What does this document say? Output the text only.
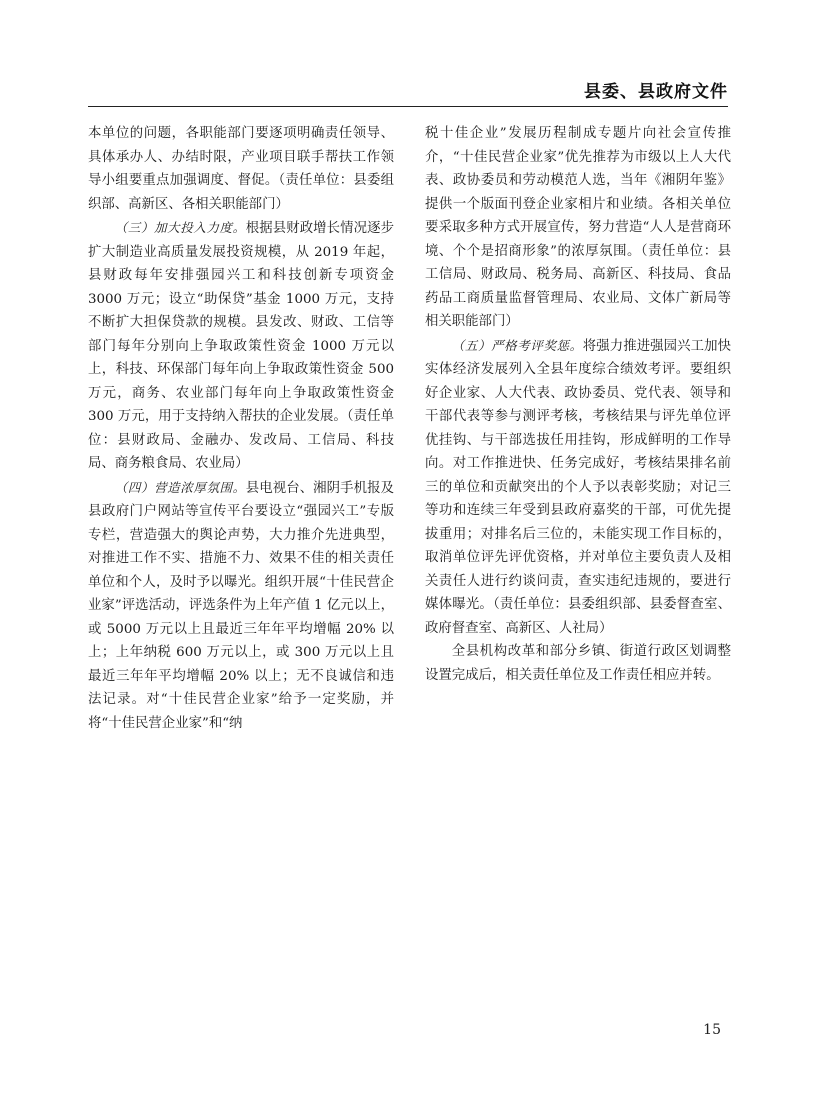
县委、县政府文件

本单位的问题，各职能部门要逐项明确责任领导、具体承办人、办结时限，产业项目联手帮扶工作领导小组要重点加强调度、督促。（责任单位：县委组织部、高新区、各相关职能部门）

（三）加大投入力度。根据县财政增长情况逐步扩大制造业高质量发展投资规模，从 2019 年起，县财政每年安排强园兴工和科技创新专项资金 3000 万元；设立“助保贷”基金 1000 万元，支持不断扩大担保贷款的规模。县发改、财政、工信等部门每年分别向上争取政策性资金 1000 万元以上，科技、环保部门每年向上争取政策性资金 500 万元，商务、农业部门每年向上争取政策性资金 300 万元，用于支持纳入帮扶的企业发展。（责任单位：县财政局、金融办、发改局、工信局、科技局、商务粮食局、农业局）

（四）营造浓厚氛围。县电视台、湘阴手机报及县政府门户网站等宣传平台要设立“强园兴工”专版专栏，营造强大的舆论声势，大力推介先进典型，对推进工作不实、措施不力、效果不佳的相关责任单位和个人，及时予以曝光。组织开展“十佳民营企业家”评选活动，评选条件为上年产值 1 亿元以上，或 5000 万元以上且最近三年年平均增幅 20% 以上；上年纳税 600 万元以上，或 300 万元以上且最近三年年平均增幅 20% 以上；无不良诚信和违法记录。对“十佳民营企业家”给予一定奖励，并将“十佳民营企业家”和“纳

税十佳企业”发展历程制成专题片向社会宣传推介，“十佳民营企业家”优先推荐为市级以上人大代表、政协委员和劳动模范人选，当年《湘阴年鉴》提供一个版面刊登企业家相片和业绩。各相关单位要采取多种方式开展宣传，努力营造“人人是营商环境、个个是招商形象”的浓厚氛围。（责任单位：县工信局、财政局、税务局、高新区、科技局、食品药品工商质量监督管理局、农业局、文体广新局等相关职能部门）

（五）严格考评奖惩。将强力推进强园兴工加快实体经济发展列入全县年度综合绩效考评。要组织好企业家、人大代表、政协委员、党代表、领导和干部代表等参与测评考核，考核结果与评先单位评优挂钩、与干部选拔任用挂钩，形成鲜明的工作导向。对工作推进快、任务完成好，考核结果排名前三的单位和贡献突出的个人予以表彰奖励；对记三等功和连续三年受到县政府嘉奖的干部，可优先提拔重用；对排名后三位的，未能实现工作目标的，取消单位评先评优资格，并对单位主要负责人及相关责任人进行约谈问责，查实违纪违规的，要进行媒体曝光。（责任单位：县委组织部、县委督查室、政府督查室、高新区、人社局）

全县机构改革和部分乡镇、街道行政区划调整设置完成后，相关责任单位及工作责任相应并转。

15
